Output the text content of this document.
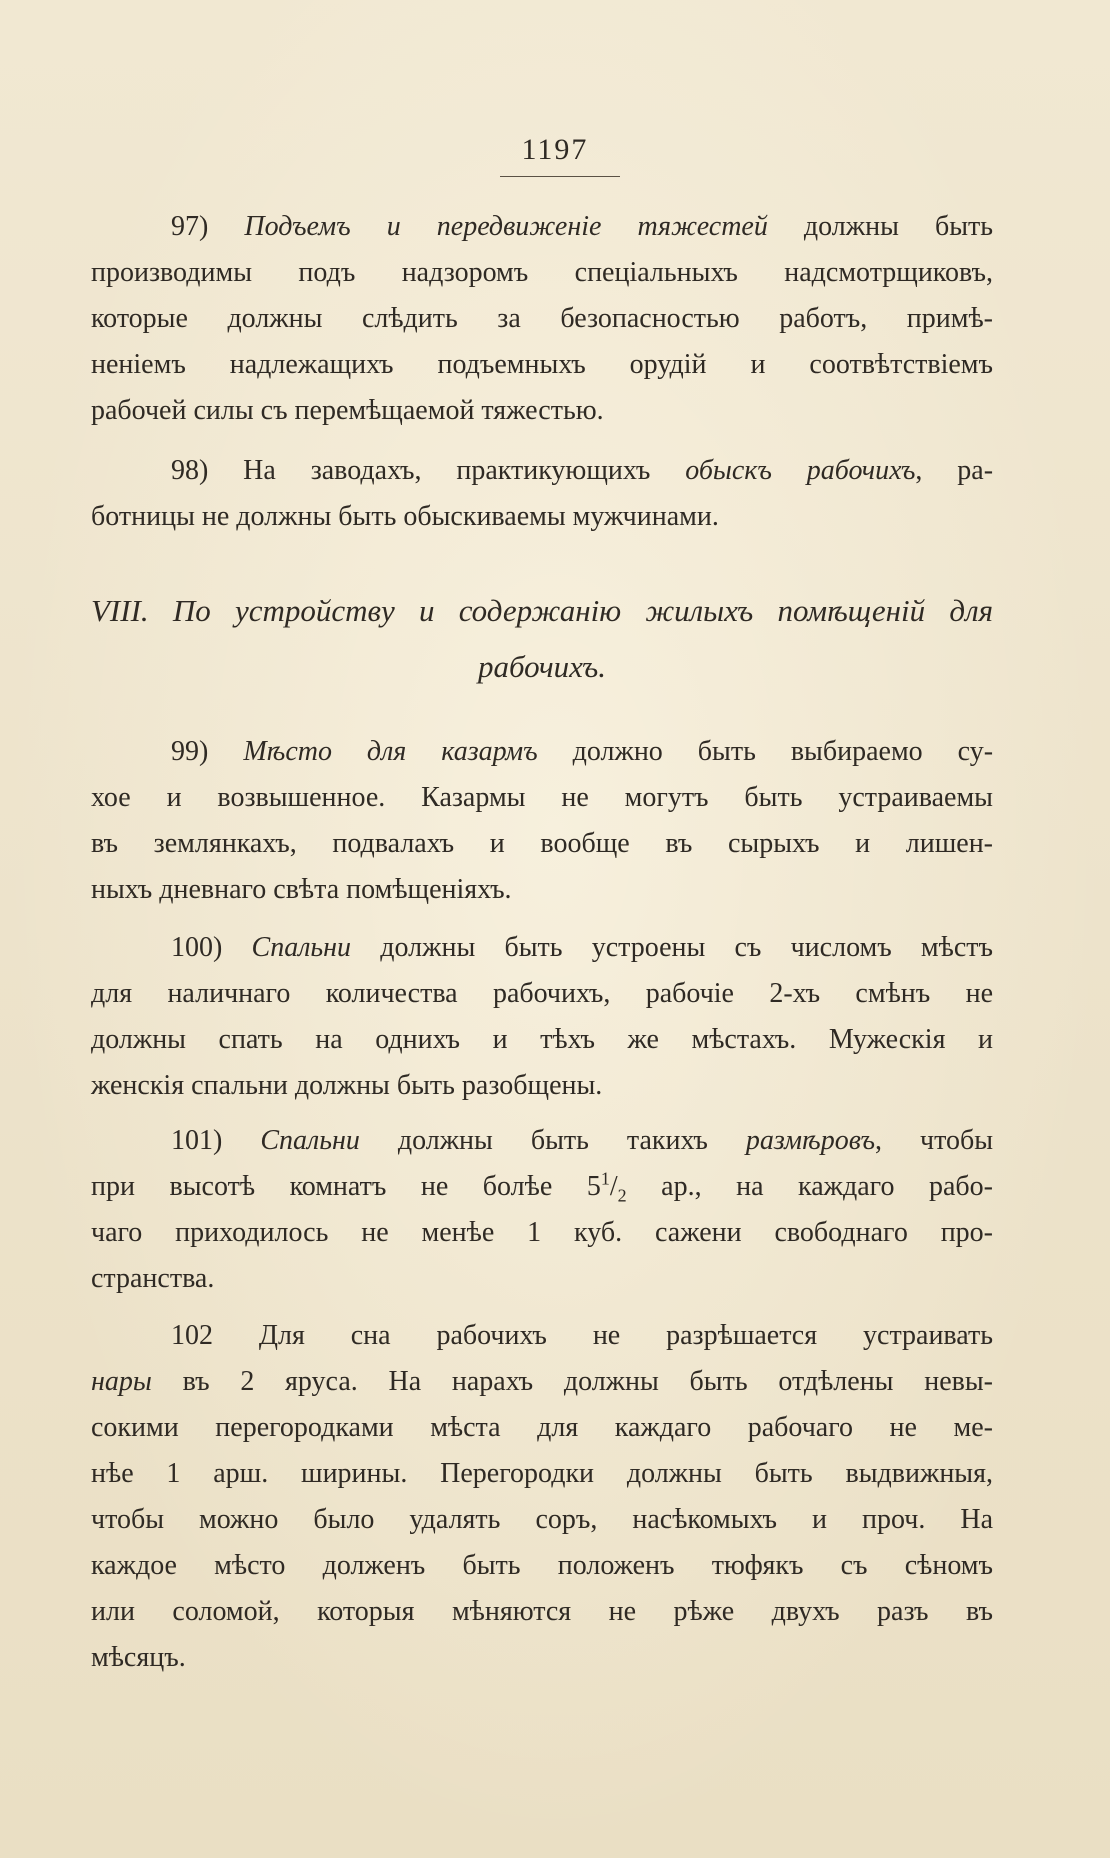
1197
97) Подъемъ и передвиженіе тяжестей должны быть
производимы подъ надзоромъ спеціальныхъ надсмотрщиковъ,
которые должны слѣдить за безопасностью работъ, примѣ-
неніемъ надлежащихъ подъемныхъ орудій и соотвѣтствіемъ
рабочей силы съ перемѣщаемой тяжестью.
98) На заводахъ, практикующихъ обыскъ рабочихъ, ра-
ботницы не должны быть обыскиваемы мужчинами.
VIII. По устройству и содержанію жилыхъ помѣщеній для
рабочихъ.
99) Мѣсто для казармъ должно быть выбираемо су-
хое и возвышенное. Казармы не могутъ быть устраиваемы
въ землянкахъ, подвалахъ и вообще въ сырыхъ и лишен-
ныхъ дневнаго свѣта помѣщеніяхъ.
100) Спальни должны быть устроены съ числомъ мѣстъ
для наличнаго количества рабочихъ, рабочіе 2-хъ смѣнъ не
должны спать на однихъ и тѣхъ же мѣстахъ. Мужескія и
женскія спальни должны быть разобщены.
101) Спальни должны быть такихъ размѣровъ, чтобы
при высотѣ комнатъ не болѣе $5^1/_2$ ар., на каждаго рабо-
чаго приходилось не менѣе 1 куб. сажени свободнаго про-
странства.
102 Для сна рабочихъ не разрѣшается устраивать
нары въ 2 яруса. На нарахъ должны быть отдѣлены невы-
сокими перегородками мѣста для каждаго рабочаго не ме-
нѣе 1 арш. ширины. Перегородки должны быть выдвижныя,
чтобы можно было удалять соръ, насѣкомыхъ и проч. На
каждое мѣсто долженъ быть положенъ тюфякъ съ сѣномъ
или соломой, которыя мѣняются не рѣже двухъ разъ въ
мѣсяцъ.
